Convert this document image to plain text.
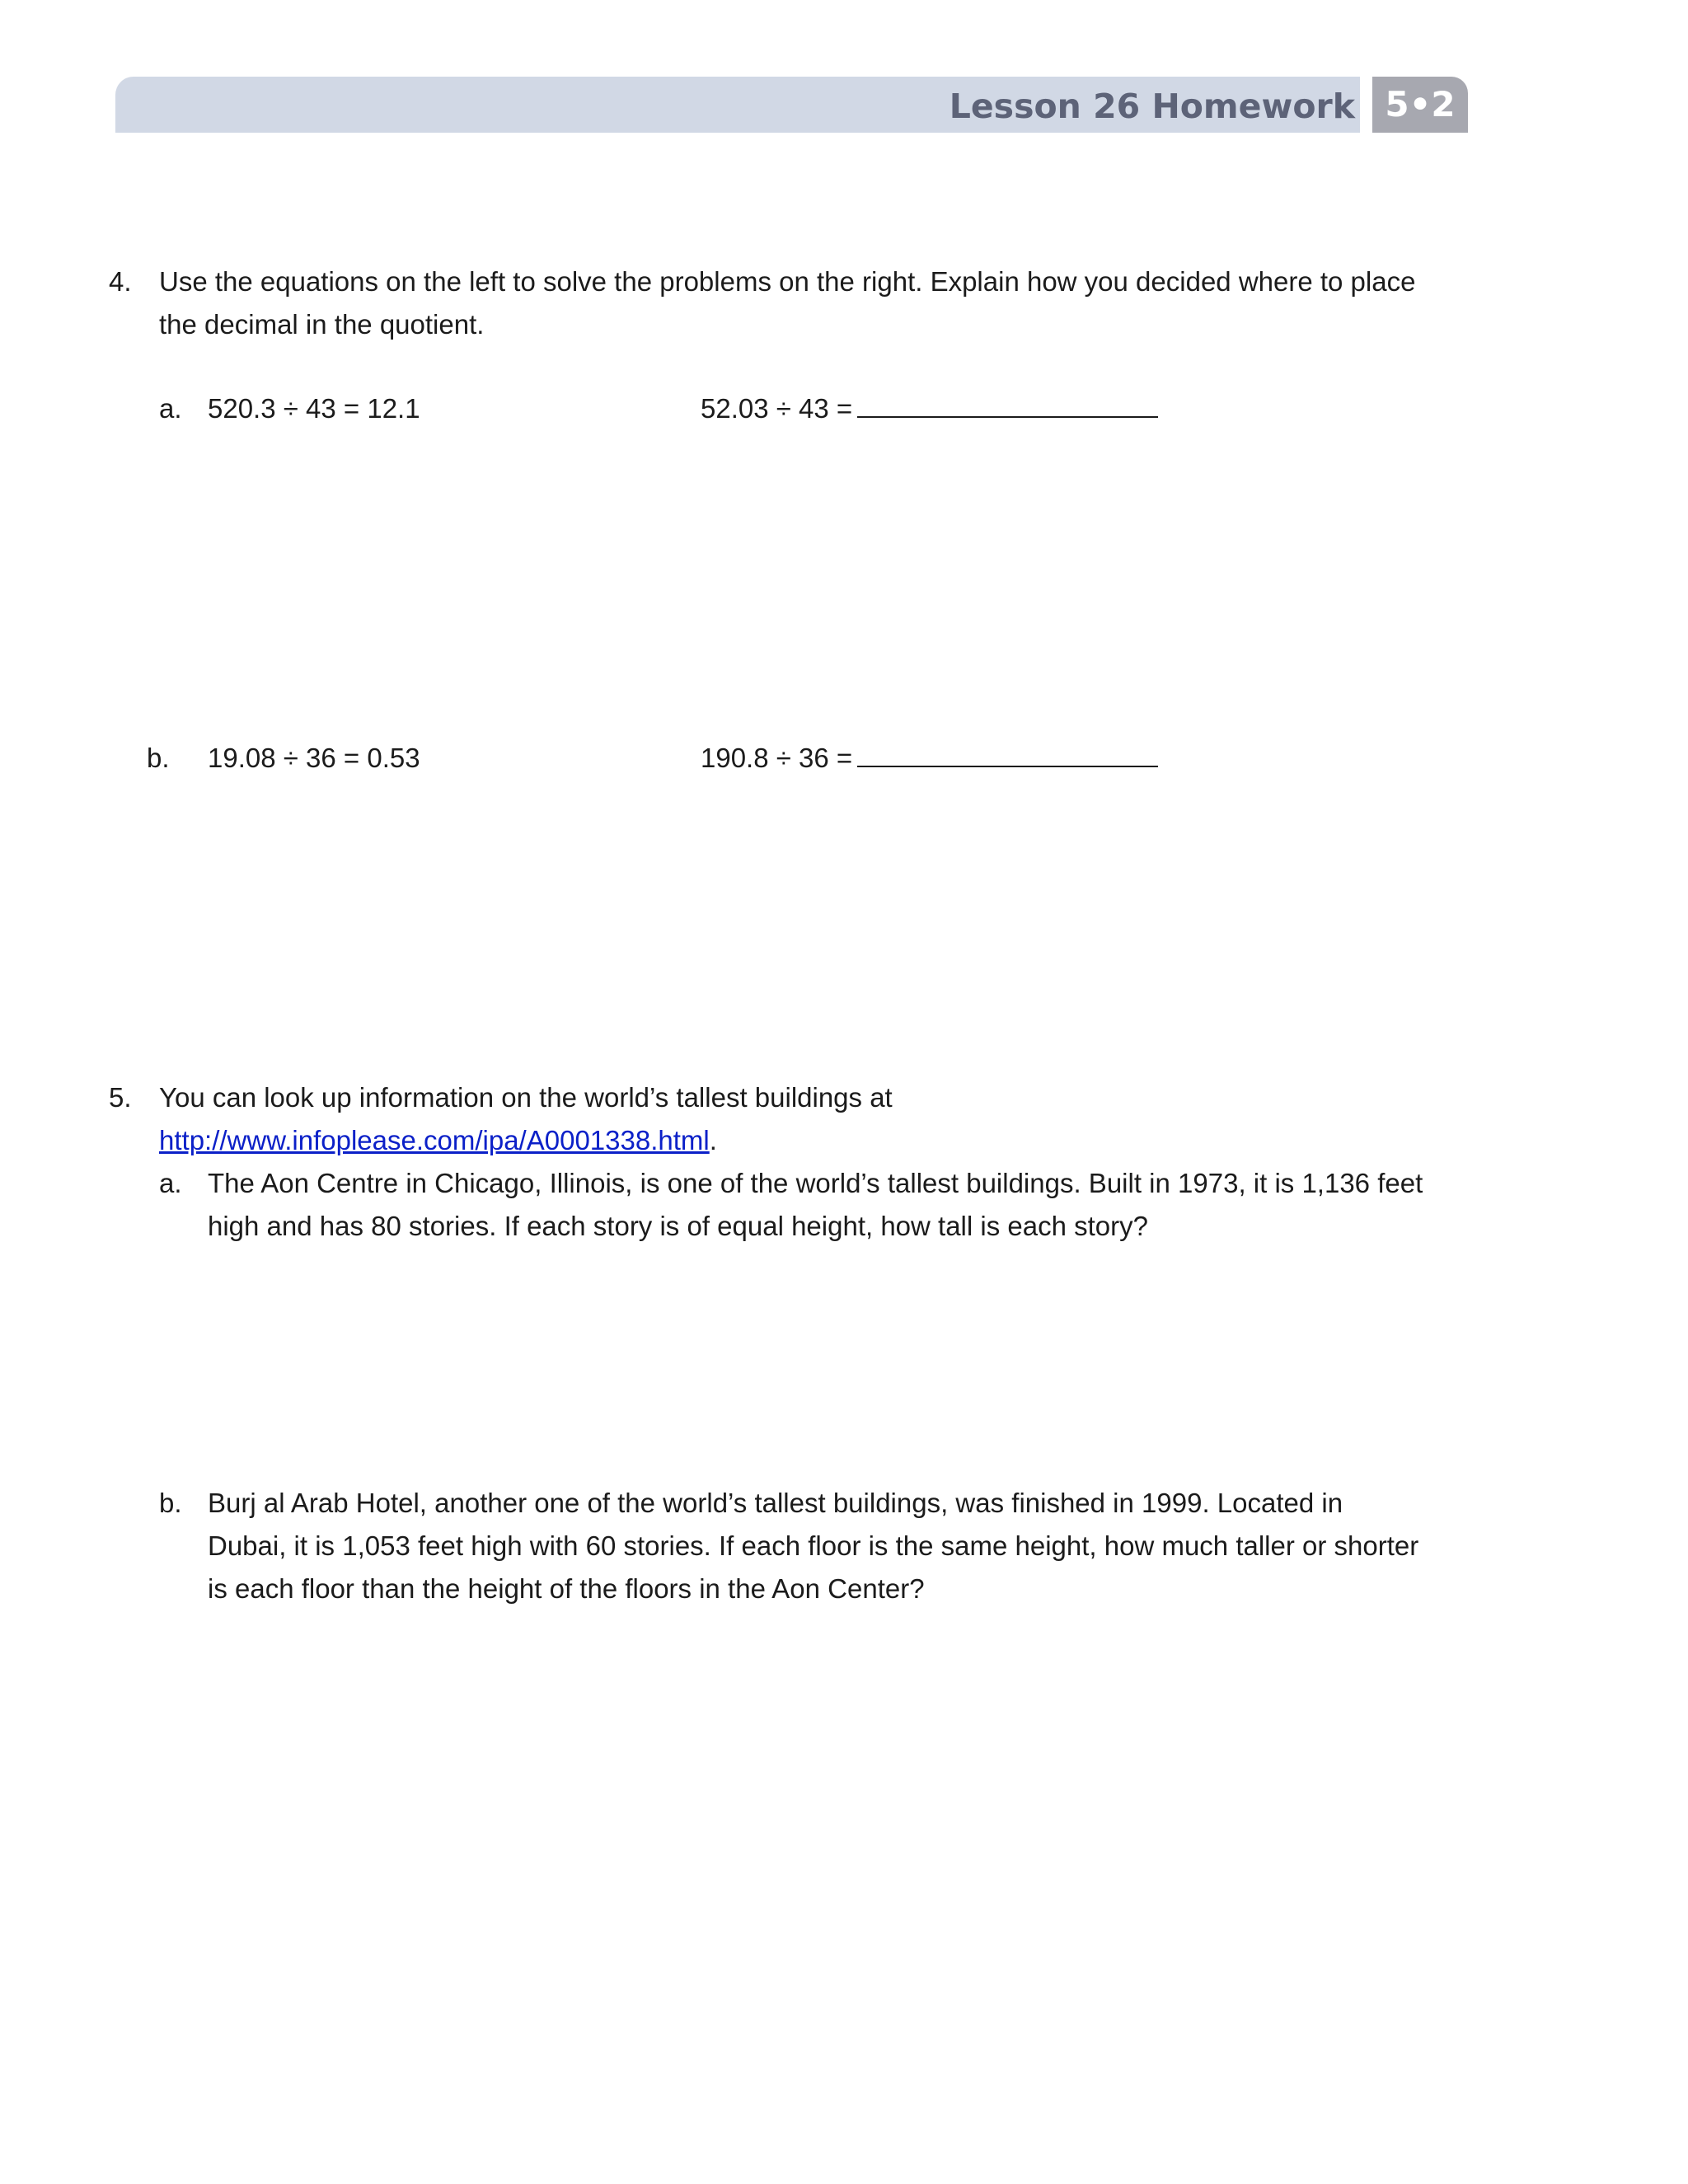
Lesson 26 Homework 5•2
4. Use the equations on the left to solve the problems on the right. Explain how you decided where to place
the decimal in the quotient.
a. 520.3 ÷ 43 = 12.1	52.03 ÷ 43 =
b. 19.08 ÷ 36 = 0.53	190.8 ÷ 36 =
5. You can look up information on the world’s tallest buildings at
http://www.infoplease.com/ipa/A0001338.html.
a. The Aon Centre in Chicago, Illinois, is one of the world’s tallest buildings. Built in 1973, it is 1,136 feet
high and has 80 stories. If each story is of equal height, how tall is each story?
b. Burj al Arab Hotel, another one of the world’s tallest buildings, was finished in 1999. Located in
Dubai, it is 1,053 feet high with 60 stories. If each floor is the same height, how much taller or shorter
is each floor than the height of the floors in the Aon Center?
